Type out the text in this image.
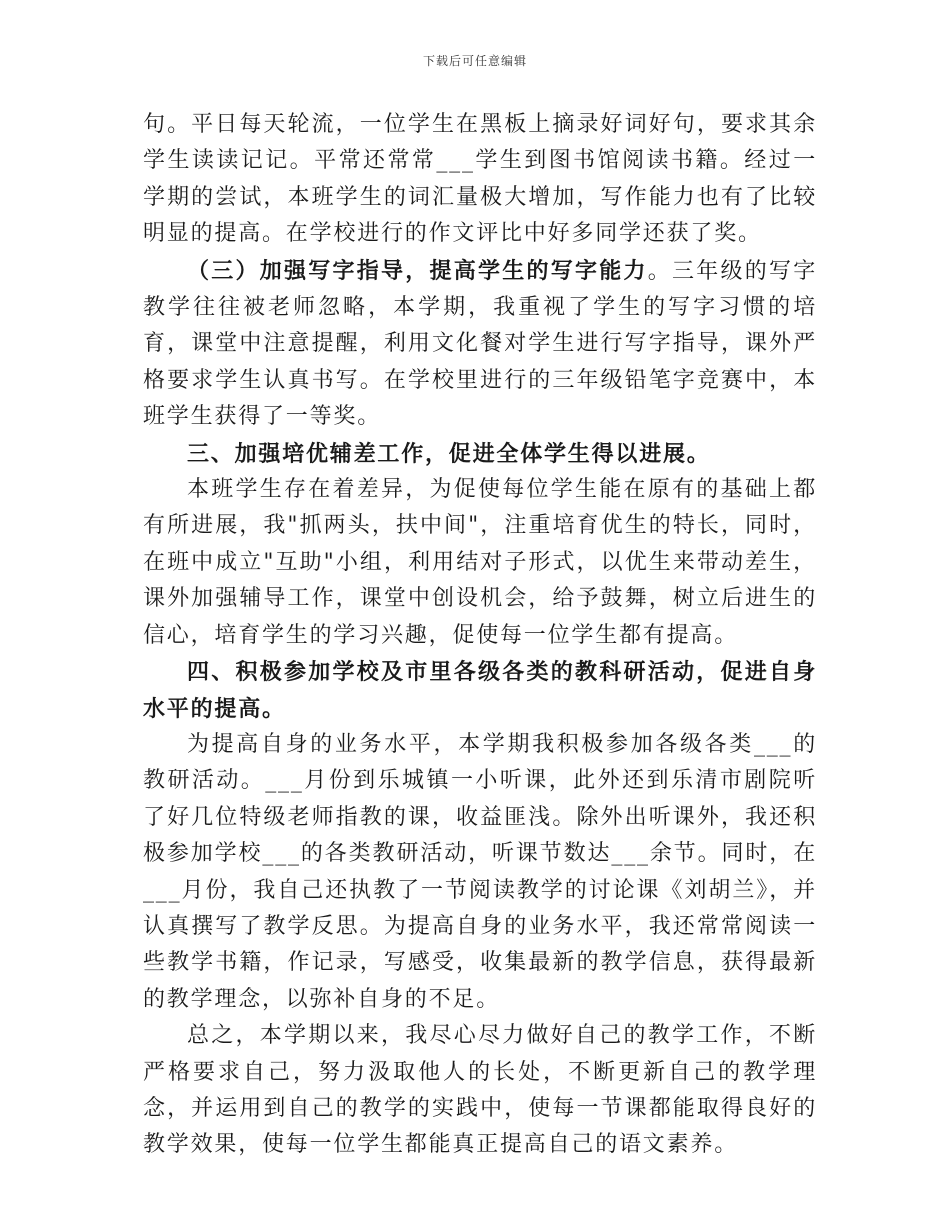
下载后可任意编辑

句。平日每天轮流，一位学生在黑板上摘录好词好句，要求其余学生读读记记。平常还常常___学生到图书馆阅读书籍。经过一学期的尝试，本班学生的词汇量极大增加，写作能力也有了比较明显的提高。在学校进行的作文评比中好多同学还获了奖。

（三）加强写字指导，提高学生的写字能力。三年级的写字教学往往被老师忽略，本学期，我重视了学生的写字习惯的培育，课堂中注意提醒，利用文化餐对学生进行写字指导，课外严格要求学生认真书写。在学校里进行的三年级铅笔字竞赛中，本班学生获得了一等奖。

三、加强培优辅差工作，促进全体学生得以进展。

本班学生存在着差异，为促使每位学生能在原有的基础上都有所进展，我"抓两头，扶中间"，注重培育优生的特长，同时，在班中成立"互助"小组，利用结对子形式，以优生来带动差生，课外加强辅导工作，课堂中创设机会，给予鼓舞，树立后进生的信心，培育学生的学习兴趣，促使每一位学生都有提高。

四、积极参加学校及市里各级各类的教科研活动，促进自身水平的提高。

为提高自身的业务水平，本学期我积极参加各级各类___的教研活动。___月份到乐城镇一小听课，此外还到乐清市剧院听了好几位特级老师指教的课，收益匪浅。除外出听课外，我还积极参加学校___的各类教研活动，听课节数达___余节。同时，在___月份，我自己还执教了一节阅读教学的讨论课《刘胡兰》，并认真撰写了教学反思。为提高自身的业务水平，我还常常阅读一些教学书籍，作记录，写感受，收集最新的教学信息，获得最新的教学理念，以弥补自身的不足。

总之，本学期以来，我尽心尽力做好自己的教学工作，不断严格要求自己，努力汲取他人的长处，不断更新自己的教学理念，并运用到自己的教学的实践中，使每一节课都能取得良好的教学效果，使每一位学生都能真正提高自己的语文素养。
